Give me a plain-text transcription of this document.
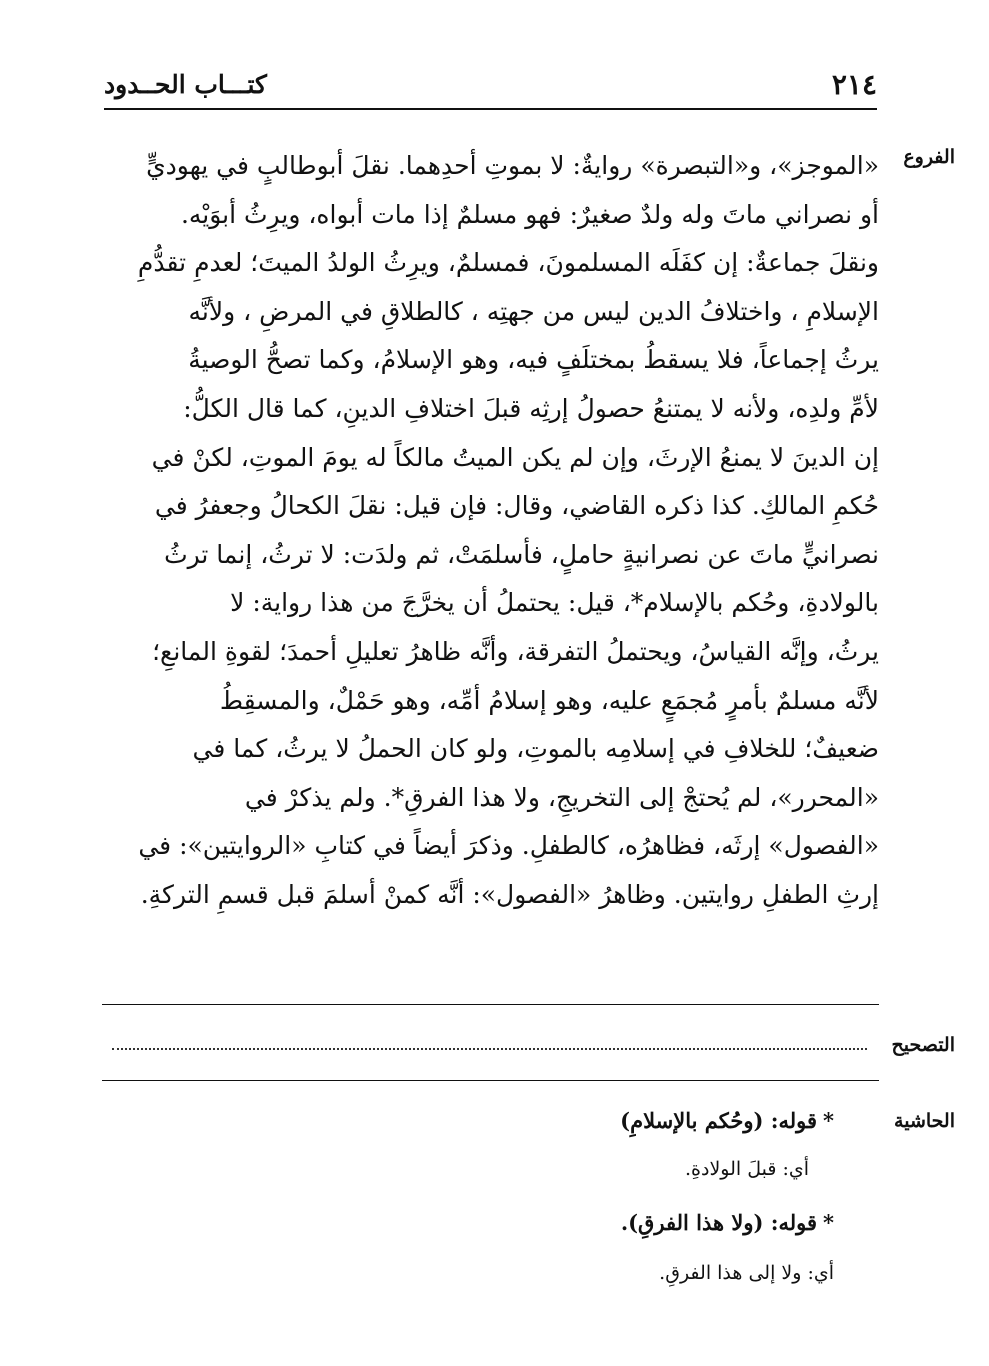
٢١٤
كتـــاب الحــدود
الفروع
«الموجز»، و«التبصرة» روايةٌ: لا بموتِ أحدِهما. نقلَ أبوطالبٍ في يهوديٍّ
أو نصراني ماتَ وله ولدٌ صغيرٌ: فهو مسلمٌ إذا مات أبواه، ويرِثُ أبوَيْه.
ونقلَ جماعةٌ: إن كفَلَه المسلمونَ، فمسلمٌ، ويرِثُ الولدُ الميتَ؛ لعدمِ تقدُّمِ
الإسلامِ ، واختلافُ الدين ليس من جهتِه ، كالطلاقِ في المرضِ ، ولأنَّه
يرثُ إجماعاً، فلا يسقطُ بمختلَفٍ فيه، وهو الإسلامُ، وكما تصحُّ الوصيةُ
لأمِّ ولدِه، ولأنه لا يمتنعُ حصولُ إرثِه قبلَ اختلافِ الدينِ، كما قال الكلُّ:
إن الدينَ لا يمنعُ الإرثَ، وإن لم يكن الميتُ مالكاً له يومَ الموتِ، لكنْ في
حُكمِ المالكِ. كذا ذكره القاضي، وقال: فإن قيل: نقلَ الكحالُ وجعفرُ في
نصرانيٍّ ماتَ عن نصرانيةٍ حاملٍ، فأسلمَتْ، ثم ولدَت: لا ترثُ، إنما ترثُ
بالولادةِ، وحُكم بالإسلام*، قيل: يحتملُ أن يخرَّجَ من هذا رواية: لا
يرثُ، وإنَّه القياسُ، ويحتملُ التفرقة، وأنَّه ظاهرُ تعليلِ أحمدَ؛ لقوةِ المانعِ؛
لأنَّه مسلمٌ بأمرٍ مُجمَعٍ عليه، وهو إسلامُ أمِّه، وهو حَمْلٌ، والمسقِطُ
ضعيفٌ؛ للخلافِ في إسلامِه بالموتِ، ولو كان الحملُ لا يرثُ، كما في
«المحرر»، لم يُحتجْ إلى التخريجِ، ولا هذا الفرقِ*. ولم يذكرْ في
«الفصول» إرثَه، فظاهرُه، كالطفلِ. وذكرَ أيضاً في كتابِ «الروايتين»: في
إرثِ الطفلِ روايتين. وظاهرُ «الفصول»: أنَّه كمنْ أسلمَ قبل قسمِ التركةِ.
التصحيح
الحاشية
*قوله: (وحُكم بالإسلامِ)
أي: قبلَ الولادةِ.
*قوله: (ولا هذا الفرقِ).
أي: ولا إلى هذا الفرقِ.
